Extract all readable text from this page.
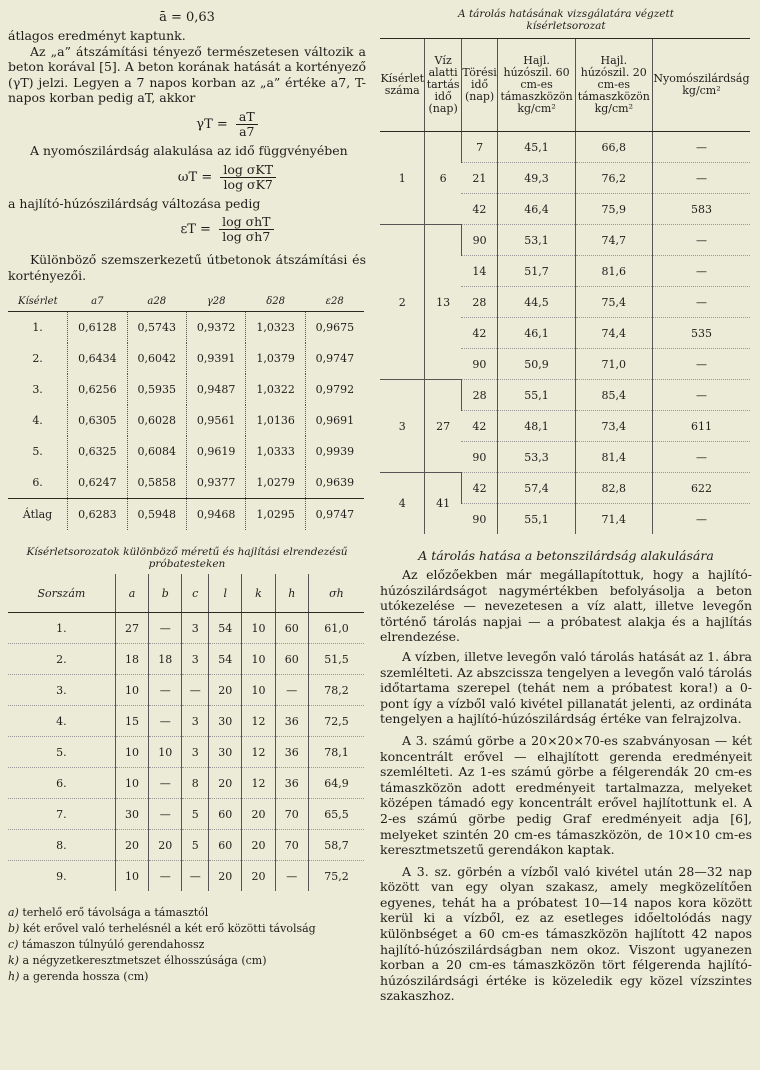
ā = 0,63

átlagos eredményt kaptunk.

Az „a” átszámítási tényező természetesen változik a beton korával [5]. A beton korának hatását a kortényező (γT) jelzi. Legyen a 7 napos korban az „a” értéke a7, T-napos korban pedig aT, akkor

$\gamma T = \frac{aT}{a7}$

A nyomószilárdság alakulása az idő függvényében

$\omega T = \frac{\text{log σKT}}{\text{log σK7}}$

a hajlító-húzószilárdság változása pedig

$\varepsilon T = \frac{\text{log σhT}}{\text{log σh7}}$

Különböző szemszerkezetű útbetonok átszámítási és kortényezői.

Kísérlet	a7	a28	γ28	δ28	ε28
1.	0,6128	0,5743	0,9372	1,0323	0,9675
2.	0,6434	0,6042	0,9391	1,0379	0,9747
3.	0,6256	0,5935	0,9487	1,0322	0,9792
4.	0,6305	0,6028	0,9561	1,0136	0,9691
5.	0,6325	0,6084	0,9619	1,0333	0,9939
6.	0,6247	0,5858	0,9377	1,0279	0,9639
Átlag	0,6283	0,5948	0,9468	1,0295	0,9747
Kísérletsorozatok különböző méretű és hajlítási elrendezésű próbatesteken
Sorszám	a	b	c	l	k	h	σh
1.	27	—	3	54	10	60	61,0
2.	18	18	3	54	10	60	51,5
3.	10	—	—	20	10	—	78,2
4.	15	—	3	30	12	36	72,5
5.	10	10	3	30	12	36	78,1
6.	10	—	8	20	12	36	64,9
7.	30	—	5	60	20	70	65,5
8.	20	20	5	60	20	70	58,7
9.	10	—	—	20	20	—	75,2

a) terhelő erő távolsága a támasztól

b) két erővel való terhelésnél a két erő közötti távolság

c) támaszon túlnyúló gerendahossz

k) a négyzetkeresztmetszet élhosszúsága (cm)

h) a gerenda hossza (cm)

A tárolás hatásának vizsgálatára végzett kísérletsorozat
Kísérlet száma	Víz alatti tartás idő (nap)	Törési idő (nap)	Hajl. húzószil. 60 cm-es támaszközön kg/cm²	Hajl. húzószil. 20 cm-es támaszközön kg/cm²	Nyomószilárdság kg/cm²
1	6	7	45,1	66,8	—
		21	49,3	76,2	—
		42	46,4	75,9	583
2	13	90	53,1	74,7	—
		14	51,7	81,6	—
		28	44,5	75,4	—
		42	46,1	74,4	535
		90	50,9	71,0	—
3	27	28	55,1	85,4	—
		42	48,1	73,4	611
		90	53,3	81,4	—
4	41	42	57,4	82,8	622
		90	55,1	71,4	—
A tárolás hatása a betonszilárdság alakulására

Az előzőekben már megállapítottuk, hogy a hajlító-húzószilárdságot nagymértékben befolyásolja a beton utókezelése — nevezetesen a víz alatt, illetve levegőn történő tárolás napjai — a próbatest alakja és a hajlítás elrendezése.

A vízben, illetve levegőn való tárolás hatását az 1. ábra szemlélteti. Az abszcissza tengelyen a levegőn való tárolás időtartama szerepel (tehát nem a próbatest kora!) a 0-pont így a vízből való kivétel pillanatát jelenti, az ordináta tengelyen a hajlító-húzószilárdság értéke van felrajzolva.

A 3. számú görbe a 20×20×70-es szabványosan — két koncentrált erővel — elhajlított gerenda eredményeit szemlélteti. Az 1-es számú görbe a félgerendák 20 cm-es támaszközön adott eredményeit tartalmazza, melyeket középen támadó egy koncentrált erővel hajlítottunk el. A 2-es számú görbe pedig Graf eredményeit adja [6], melyeket szintén 20 cm-es támaszközön, de 10×10 cm-es keresztmetszetű gerendákon kaptak.

A 3. sz. görbén a vízből való kivétel után 28—32 nap között van egy olyan szakasz, amely megközelítően egyenes, tehát ha a próbatest 10—14 napos kora között kerül ki a vízből, ez az esetleges időeltolódás nagy különbséget a 60 cm-es támaszközön hajlított 42 napos hajlító-húzószilárdságban nem okoz. Viszont ugyanezen korban a 20 cm-es támaszközön tört félgerenda hajlító-húzószilárdsági értéke is közeledik egy közel vízszintes szakaszhoz.
